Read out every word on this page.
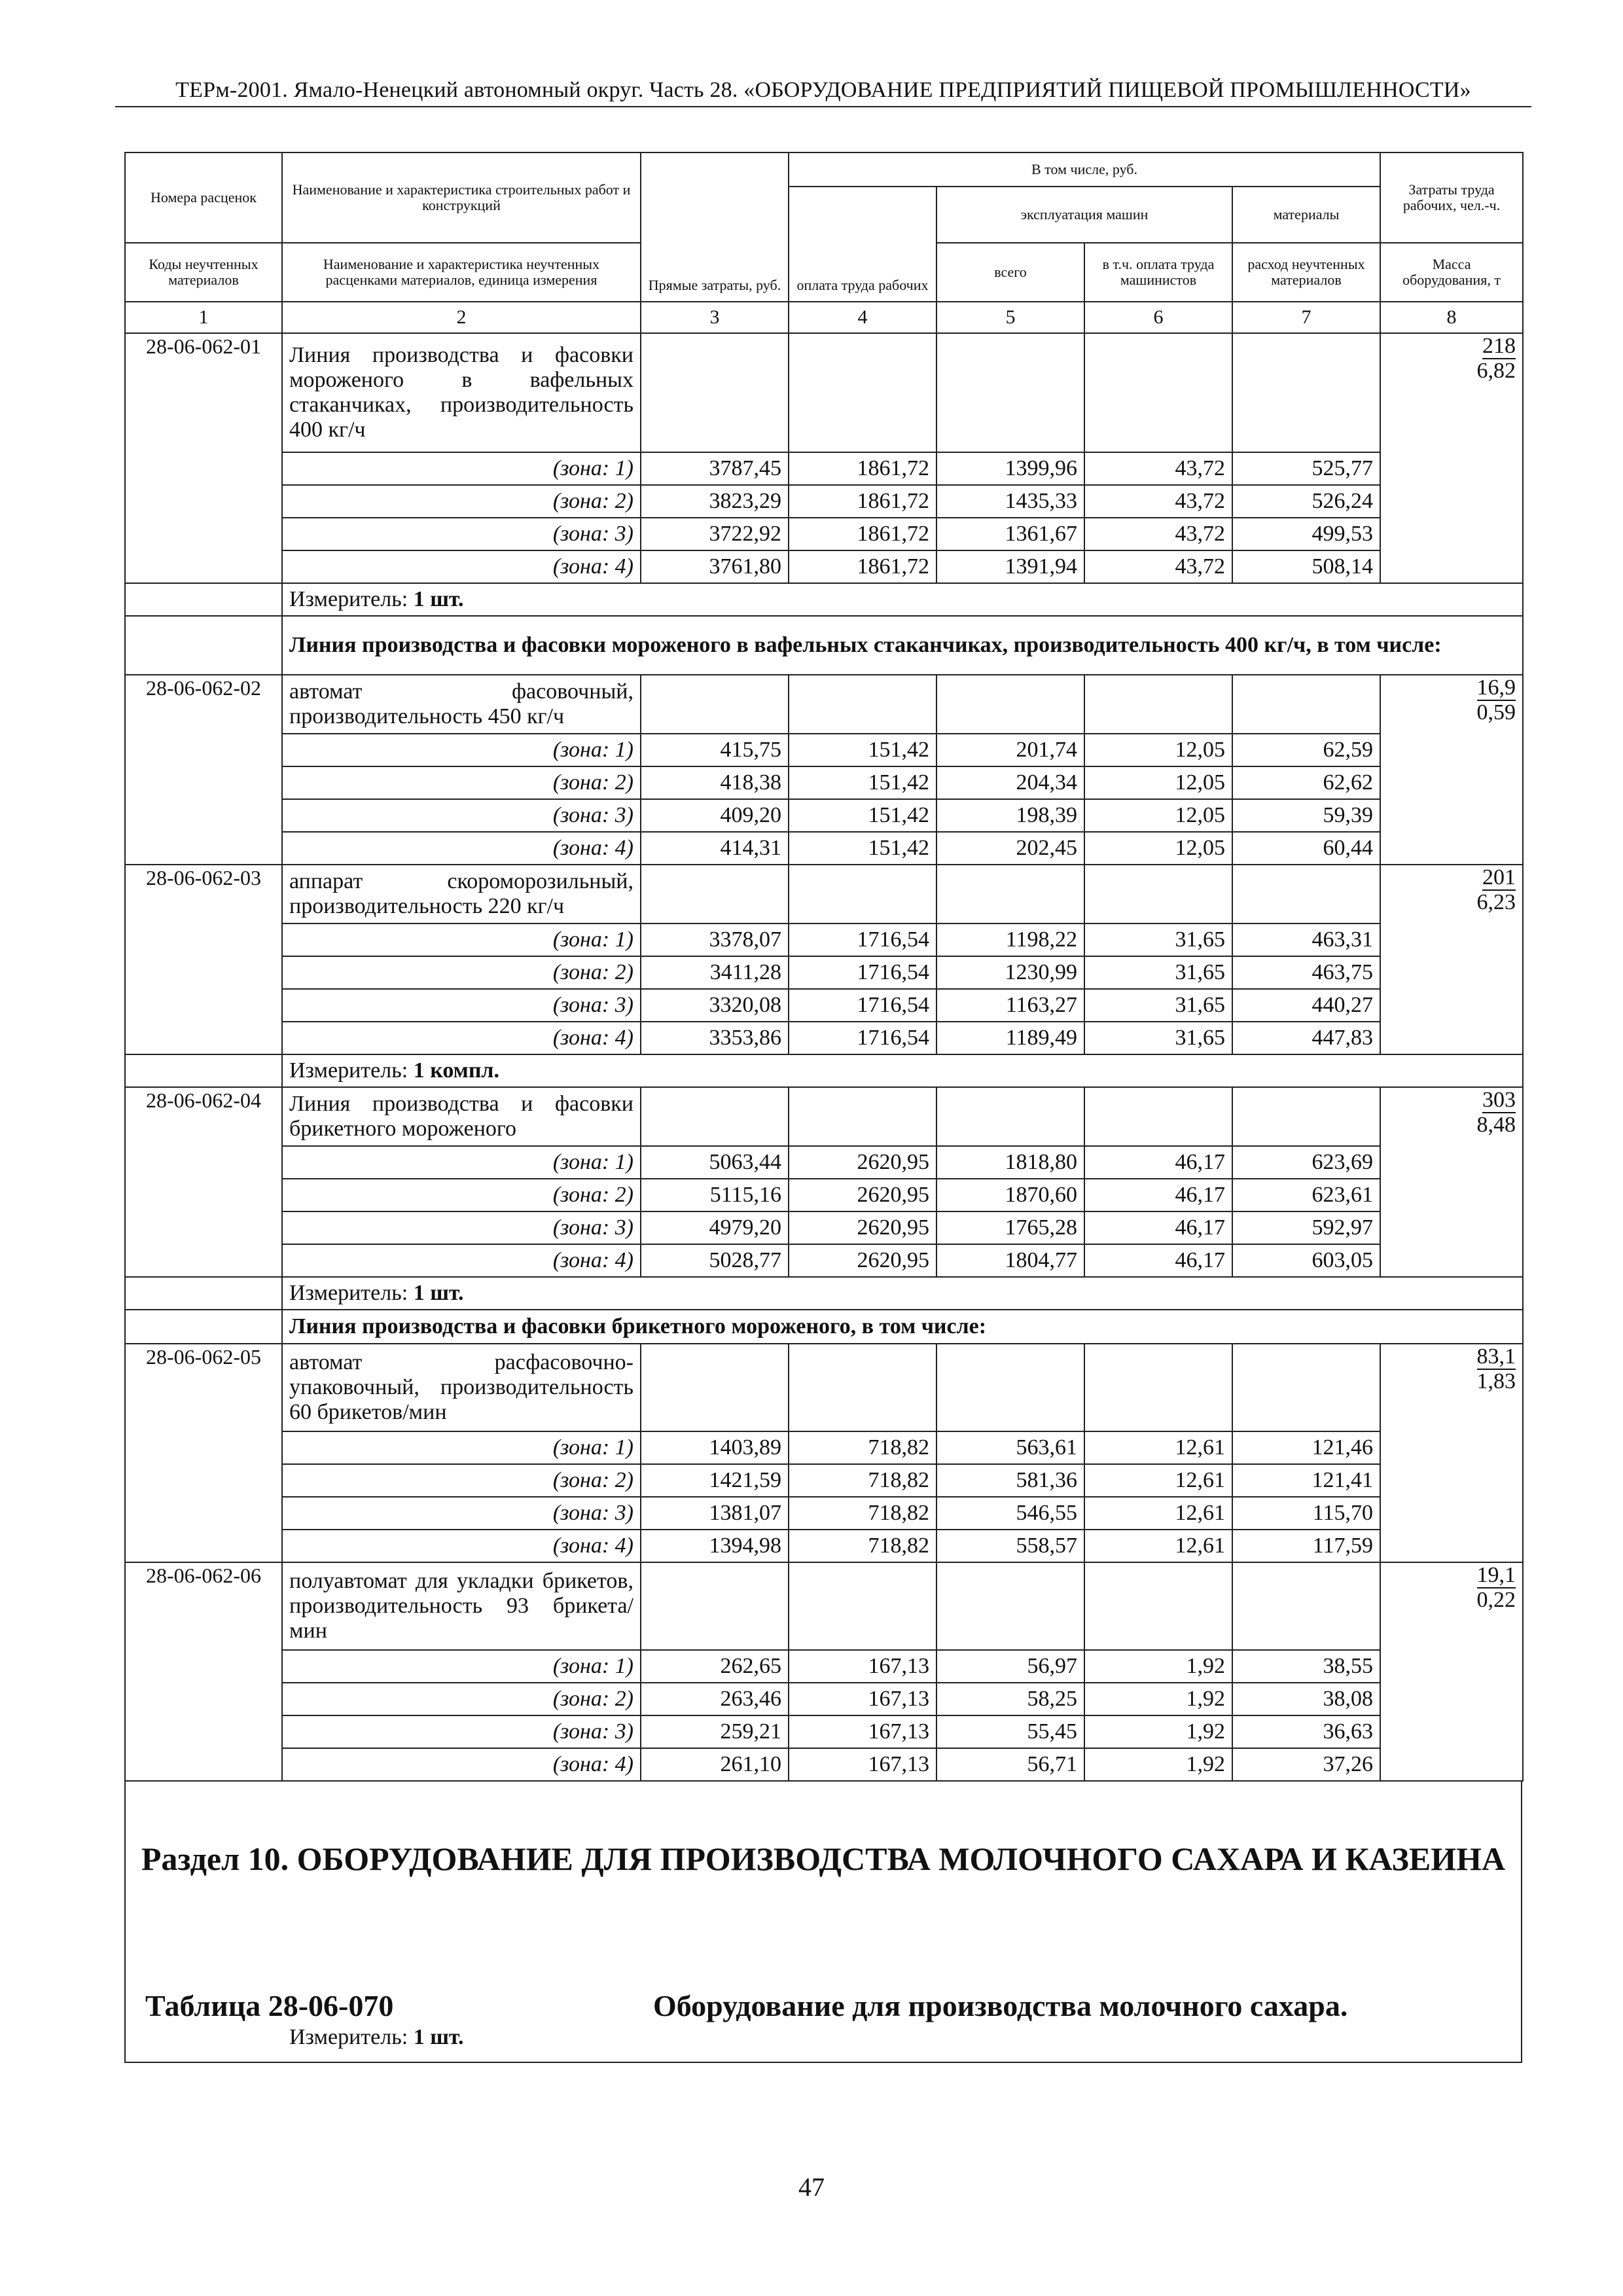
ТЕРм-2001. Ямало-Ненецкий автономный округ. Часть 28. «ОБОРУДОВАНИЕ ПРЕДПРИЯТИЙ ПИЩЕВОЙ ПРОМЫШЛЕННОСТИ»
Номера расценок	Наименование и характеристика строительных работ и конструкций	Прямые затраты, руб.	В том числе, руб.				Затраты труда рабочих, чел.-ч.
			оплата труда рабочих	эксплуатация машин		материалы	
Коды неучтенных материалов	Наименование и характеристика неучтенных расценками материалов, единица измерения			всего	в т.ч. оплата труда машинистов	расход неучтенных материалов	Масса оборудования, т
1	2	3	4	5	6	7	8
28-06-062-01	Линия производства и фасовки мороженого в вафельных стаканчиках, производительность 400 кг/ч						218
6,82

	(зона: 1)	3787,45	1861,72	1399,96	43,72	525,77	
	(зона: 2)	3823,29	1861,72	1435,33	43,72	526,24	
	(зона: 3)	3722,92	1861,72	1361,67	43,72	499,53	
	(зона: 4)	3761,80	1861,72	1391,94	43,72	508,14	
	Измеритель: 1 шт.						
	Линия производства и фасовки мороженого в вафельных стаканчиках, производительность 400 кг/ч, в том числе:						
28-06-062-02	автомат фасовочный, производительность 450 кг/ч						16,9
0,59

	(зона: 1)	415,75	151,42	201,74	12,05	62,59	
	(зона: 2)	418,38	151,42	204,34	12,05	62,62	
	(зона: 3)	409,20	151,42	198,39	12,05	59,39	
	(зона: 4)	414,31	151,42	202,45	12,05	60,44	
28-06-062-03	аппарат скороморозильный, производительность 220 кг/ч						201
6,23

	(зона: 1)	3378,07	1716,54	1198,22	31,65	463,31	
	(зона: 2)	3411,28	1716,54	1230,99	31,65	463,75	
	(зона: 3)	3320,08	1716,54	1163,27	31,65	440,27	
	(зона: 4)	3353,86	1716,54	1189,49	31,65	447,83	
	Измеритель: 1 компл.						
28-06-062-04	Линия производства и фасовки брикетного мороженого						303
8,48

	(зона: 1)	5063,44	2620,95	1818,80	46,17	623,69	
	(зона: 2)	5115,16	2620,95	1870,60	46,17	623,61	
	(зона: 3)	4979,20	2620,95	1765,28	46,17	592,97	
	(зона: 4)	5028,77	2620,95	1804,77	46,17	603,05	
	Измеритель: 1 шт.						
	Линия производства и фасовки брикетного мороженого, в том числе:						
28-06-062-05	автомат расфасовочно-упаковочный, производительность 60 брикетов/мин						83,1
1,83

	(зона: 1)	1403,89	718,82	563,61	12,61	121,46	
	(зона: 2)	1421,59	718,82	581,36	12,61	121,41	
	(зона: 3)	1381,07	718,82	546,55	12,61	115,70	
	(зона: 4)	1394,98	718,82	558,57	12,61	117,59	
28-06-062-06	полуавтомат для укладки брикетов, производительность 93 брикета/мин						19,1
0,22

	(зона: 1)	262,65	167,13	56,97	1,92	38,55	
	(зона: 2)	263,46	167,13	58,25	1,92	38,08	
	(зона: 3)	259,21	167,13	55,45	1,92	36,63	
	(зона: 4)	261,10	167,13	56,71	1,92	37,26	
Раздел 10. ОБОРУДОВАНИЕ ДЛЯ ПРОИЗВОДСТВА МОЛОЧНОГО САХАРА И КАЗЕИНА
Таблица 28-06-070	Оборудование для производства молочного сахара.
Измеритель: 1 шт.
47
